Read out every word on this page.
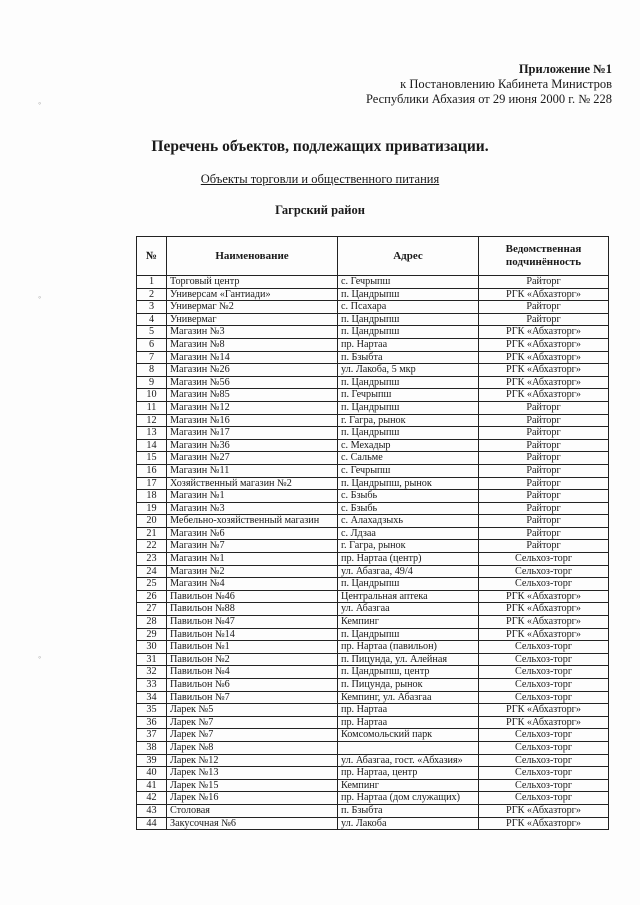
◦
◦
◦
Приложение №1
к Постановлению Кабинета Министров
Республики Абхазия от 29 июня 2000 г. № 228
Перечень объектов, подлежащих приватизации.
Объекты торговли и общественного питания
Гагрский район
№	Наименование	Адрес	Ведомственная подчинённость
1	Торговый центр	с. Гечрыпш	Райторг
2	Универсам «Гантиади»	п. Цандрыпш	РГК «Абхазторг»
3	Универмаг №2	с. Псахара	Райторг
4	Универмаг	п. Цандрыпш	Райторг
5	Магазин №3	п. Цандрыпш	РГК «Абхазторг»
6	Магазин №8	пр. Нартаа	РГК «Абхазторг»
7	Магазин №14	п. Бзыбта	РГК «Абхазторг»
8	Магазин №26	ул. Лакоба, 5 мкр	РГК «Абхазторг»
9	Магазин №56	п. Цандрыпш	РГК «Абхазторг»
10	Магазин №85	п. Гечрыпш	РГК «Абхазторг»
11	Магазин №12	п. Цандрыпш	Райторг
12	Магазин №16	г. Гагра, рынок	Райторг
13	Магазин №17	п. Цандрыпш	Райторг
14	Магазин №36	с. Мехадыр	Райторг
15	Магазин №27	с. Сальме	Райторг
16	Магазин №11	с. Гечрыпш	Райторг
17	Хозяйственный магазин №2	п. Цандрыпш, рынок	Райторг
18	Магазин №1	с. Бзыбь	Райторг
19	Магазин №3	с. Бзыбь	Райторг
20	Мебельно-хозяйственный магазин	с. Алахадзыхь	Райторг
21	Магазин №6	с. Лдзаа	Райторг
22	Магазин №7	г. Гагра, рынок	Райторг
23	Магазин №1	пр. Нартаа (центр)	Сельхоз-торг
24	Магазин №2	ул. Абазгаа, 49/4	Сельхоз-торг
25	Магазин №4	п. Цандрыпш	Сельхоз-торг
26	Павильон №46	Центральная аптека	РГК «Абхазторг»
27	Павильон №88	ул. Абазгаа	РГК «Абхазторг»
28	Павильон №47	Кемпинг	РГК «Абхазторг»
29	Павильон №14	п. Цандрыпш	РГК «Абхазторг»
30	Павильон №1	пр. Нартаа (павильон)	Сельхоз-торг
31	Павильон №2	п. Пицунда, ул. Алейная	Сельхоз-торг
32	Павильон №4	п. Цандрыпш, центр	Сельхоз-торг
33	Павильон №6	п. Пицунда, рынок	Сельхоз-торг
34	Павильон №7	Кемпинг, ул. Абазгаа	Сельхоз-торг
35	Ларек №5	пр. Нартаа	РГК «Абхазторг»
36	Ларек №7	пр. Нартаа	РГК «Абхазторг»
37	Ларек №7	Комсомольский парк	Сельхоз-торг
38	Ларек №8		Сельхоз-торг
39	Ларек №12	ул. Абазгаа, гост. «Абхазия»	Сельхоз-торг
40	Ларек №13	пр. Нартаа, центр	Сельхоз-торг
41	Ларек №15	Кемпинг	Сельхоз-торг
42	Ларек №16	пр. Нартаа (дом служащих)	Сельхоз-торг
43	Столовая	п. Бзыбта	РГК «Абхазторг»
44	Закусочная №6	ул. Лакоба	РГК «Абхазторг»
